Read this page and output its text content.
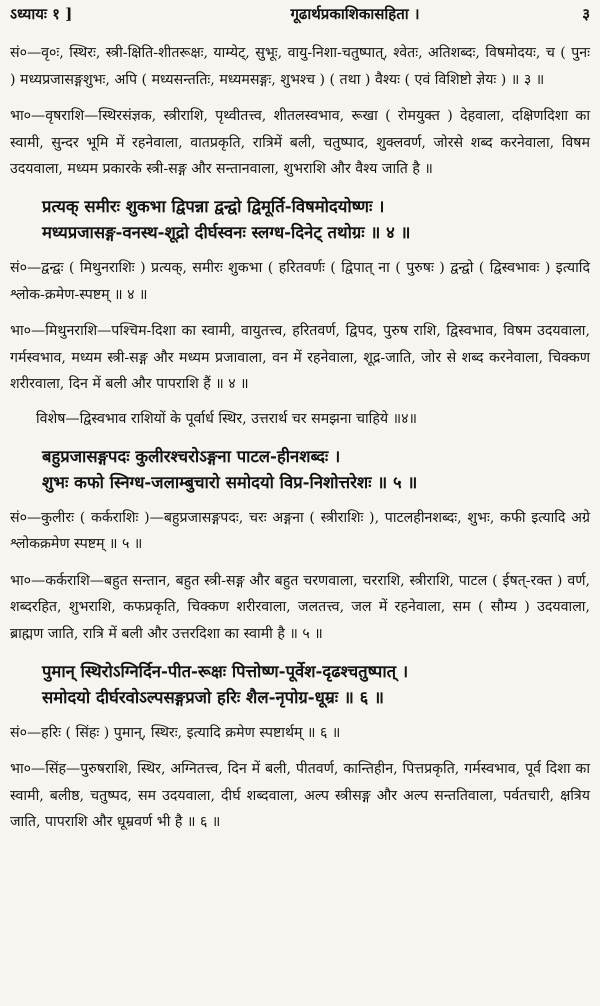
ऽध्यायः १ ]	गूढार्थप्रकाशिकासहिता ।	३

सं०—वृ०ः, स्थिरः, स्त्री-क्षिति-शीतरूक्षः, याम्येट्, सुभूः, वायु-निशा-चतुष्पात्, श्वेतः, अतिशब्दः, विषमोदयः, च ( पुनः ) मध्यप्रजासङ्गशुभः, अपि ( मध्यसन्ततिः, मध्यमसङ्गः, शुभश्च ) ( तथा ) वैश्यः ( एवं विशिष्टो ज्ञेयः ) ॥ ३ ॥

भा०—वृषराशि—स्थिरसंज्ञक, स्त्रीराशि, पृथ्वीतत्त्व, शीतलस्वभाव, रूखा ( रोमयुक्त ) देहवाला, दक्षिणदिशा का स्वामी, सुन्दर भूमि में रहनेवाला, वातप्रकृति, रात्रिमें बली, चतुष्पाद, शुक्लवर्ण, जोरसे शब्द करनेवाला, विषम उदयवाला, मध्यम प्रकारके स्त्री-सङ्ग और सन्तानवाला, शुभराशि और वैश्य जाति है ॥

प्रत्यक् समीरः शुकभा द्विपन्ना द्वन्द्वो द्विमूर्ति-विषमोदयोष्णः ।
मध्यप्रजासङ्ग-वनस्थ-शूद्रो दीर्घस्वनः स्लग्ध-दिनेट् तथोग्रः ॥ ४ ॥

सं०—द्वन्द्वः ( मिथुनराशिः ) प्रत्यक्, समीरः शुकभा ( हरितवर्णः ( द्विपात् ना ( पुरुषः ) द्वन्द्वो ( द्विस्वभावः ) इत्यादि श्लोक-क्रमेण-स्पष्टम् ॥ ४ ॥

भा०—मिथुनराशि—पश्चिम-दिशा का स्वामी, वायुतत्त्व, हरितवर्ण, द्विपद, पुरुष राशि, द्विस्वभाव, विषम उदयवाला, गर्मस्वभाव, मध्यम स्त्री-सङ्ग और मध्यम प्रजावाला, वन में रहनेवाला, शूद्र-जाति, जोर से शब्द करनेवाला, चिक्कण शरीरवाला, दिन में बली और पापराशि हैं ॥ ४ ॥

विशेष—द्विस्वभाव राशियों के पूर्वार्ध स्थिर, उत्तरार्थ चर समझना चाहिये ॥४॥

बहुप्रजासङ्गपदः कुलीरश्चरोऽङ्गना पाटल-हीनशब्दः ।
शुभः कफो स्निग्ध-जलाम्बुचारो समोदयो विप्र-निशोत्तरेशः ॥ ५ ॥

सं०—कुलीरः ( कर्कराशिः )—बहुप्रजासङ्गपदः, चरः अङ्गना ( स्त्रीराशिः ), पाटलहीनशब्दः, शुभः, कफी इत्यादि अग्रे श्लोकक्रमेण स्पष्टम् ॥ ५ ॥

भा०—कर्कराशि—बहुत सन्तान, बहुत स्त्री-सङ्ग और बहुत चरणवाला, चरराशि, स्त्रीराशि, पाटल ( ईषत्-रक्त ) वर्ण, शब्दरहित, शुभराशि, कफप्रकृति, चिक्कण शरीरवाला, जलतत्त्व, जल में रहनेवाला, सम ( सौम्य ) उदयवाला, ब्राह्मण जाति, रात्रि में बली और उत्तरदिशा का स्वामी है ॥ ५ ॥

पुमान् स्थिरोऽग्निर्दिन-पीत-रूक्षः पित्तोष्ण-पूर्वेश-दृढश्चतुष्पात् ।
समोदयो दीर्घरवोऽल्पसङ्गप्रजो हरिः शैल-नृपोग्र-धूम्रः ॥ ६ ॥

सं०—हरिः ( सिंहः ) पुमान्, स्थिरः, इत्यादि क्रमेण स्पष्टार्थम् ॥ ६ ॥

भा०—सिंह—पुरुषराशि, स्थिर, अग्नितत्त्व, दिन में बली, पीतवर्ण, कान्तिहीन, पित्तप्रकृति, गर्मस्वभाव, पूर्व दिशा का स्वामी, बलीष्ठ, चतुष्पद, सम उदयवाला, दीर्घ शब्दवाला, अल्प स्त्रीसङ्ग और अल्प सन्ततिवाला, पर्वतचारी, क्षत्रिय जाति, पापराशि और धूम्रवर्ण भी है ॥ ६ ॥
